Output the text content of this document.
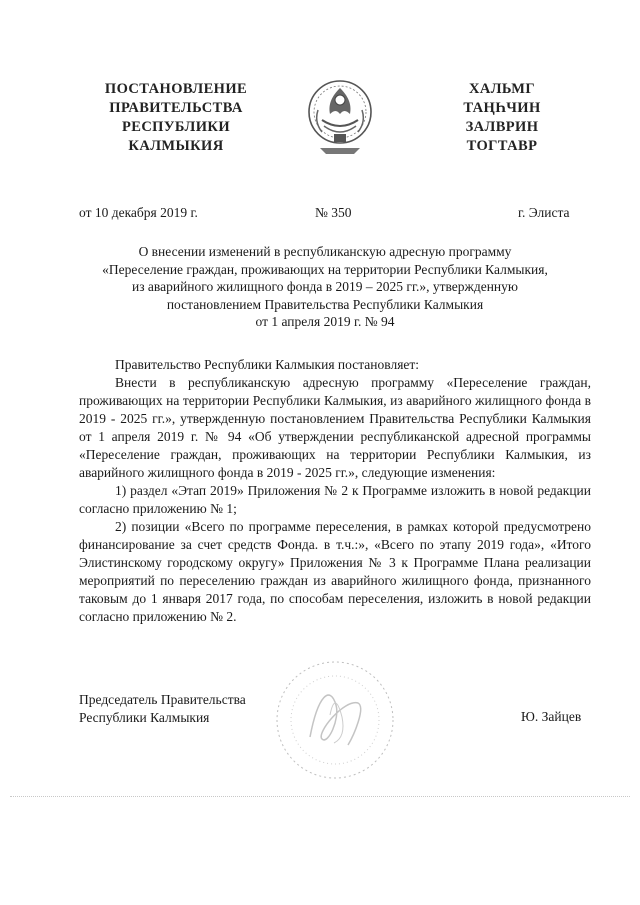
ПОСТАНОВЛЕНИЕ
ПРАВИТЕЛЬСТВА
РЕСПУБЛИКИ
КАЛМЫКИЯ
ХАЛЬМГ
ТАҢҺЧИН
ЗАЛВРИН
ТОГТАВР
от 10 декабря 2019 г.	№ 350	г. Элиста
О внесении изменений в республиканскую адресную программу
«Переселение граждан, проживающих на территории Республики Калмыкия,
из аварийного жилищного фонда в 2019 – 2025 гг.», утвержденную
постановлением Правительства Республики Калмыкия
от 1 апреля 2019 г. № 94

Правительство Республики Калмыкия постановляет:

Внести в республиканскую адресную программу «Переселение граждан, проживающих на территории Республики Калмыкия, из аварийного жилищного фонда в 2019 - 2025 гг.», утвержденную постановлением Правительства Республики Калмыкия от 1 апреля 2019 г. № 94 «Об утверждении республиканской адресной программы «Переселение граждан, проживающих на территории Республики Калмыкия, из аварийного жилищного фонда в 2019 - 2025 гг.», следующие изменения:

1) раздел «Этап 2019» Приложения № 2 к Программе изложить в новой редакции согласно приложению № 1;

2) позиции «Всего по программе переселения, в рамках которой предусмотрено финансирование за счет средств Фонда. в т.ч.:», «Всего по этапу 2019 года», «Итого Элистинскому городскому округу» Приложения № 3 к Программе Плана реализации мероприятий по переселению граждан из аварийного жилищного фонда, признанного таковым до 1 января 2017 года, по способам переселения, изложить в новой редакции согласно приложению № 2.

Председатель Правительства
Республики Калмыкия	Ю. Зайцев
